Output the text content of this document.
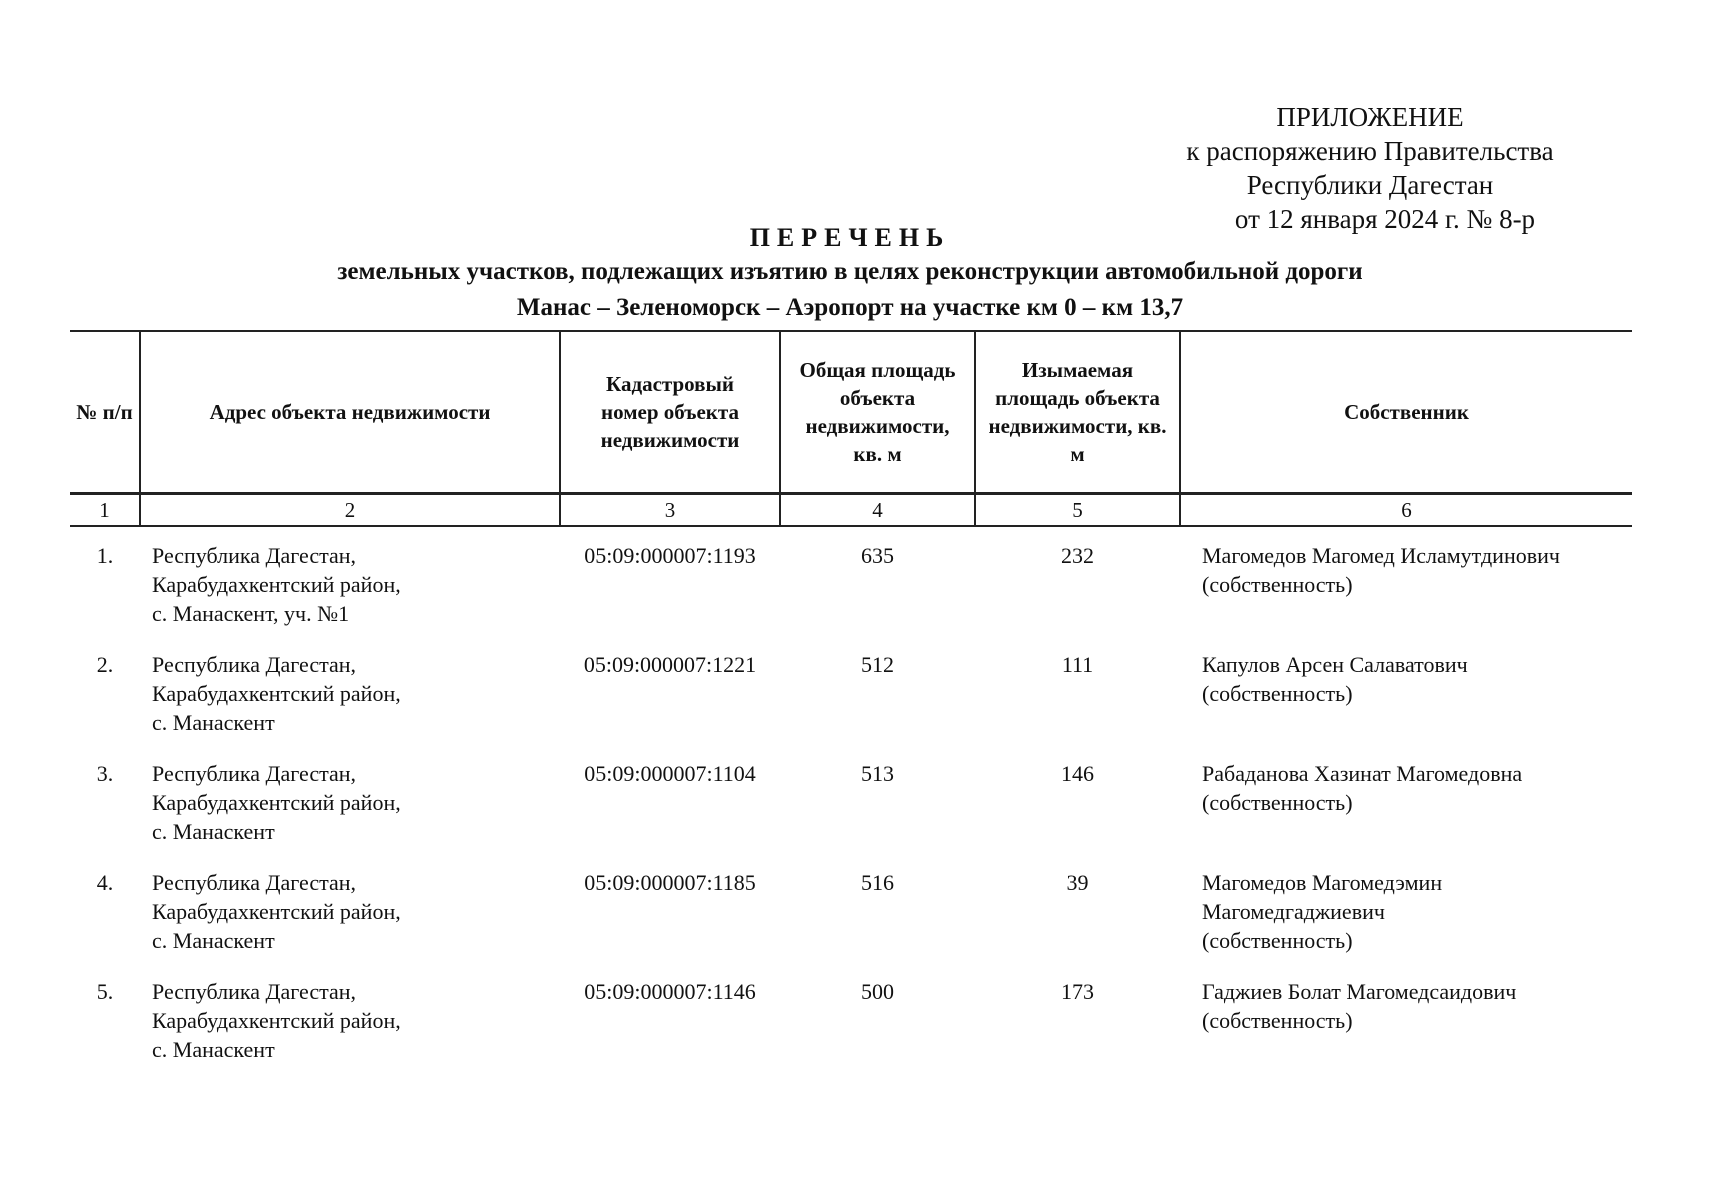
ПРИЛОЖЕНИЕ
к распоряжению Правительства
Республики Дагестан
от 12 января 2024 г. № 8-р
ПЕРЕЧЕНЬ
земельных участков, подлежащих изъятию в целях реконструкции автомобильной дороги
Манас – Зеленоморск – Аэропорт на участке км 0 – км 13,7
№ п/п	Адрес объекта недвижимости	Кадастровый номер объекта недвижимости	Общая площадь объекта недвижимости, кв. м	Изымаемая площадь объекта недвижимости, кв. м	Собственник
1	2	3	4	5	6
1.	Республика Дагестан,
Карабудахкентский район,
с. Манаскент, уч. №1	05:09:000007:1193	635	232	Магомедов Магомед Исламутдинович
(собственность)

2.	Республика Дагестан,
Карабудахкентский район,
с. Манаскент	05:09:000007:1221	512	111	Капулов Арсен Салаватович
(собственность)

3.	Республика Дагестан,
Карабудахкентский район,
с. Манаскент	05:09:000007:1104	513	146	Рабаданова Хазинат Магомедовна
(собственность)

4.	Республика Дагестан,
Карабудахкентский район,
с. Манаскент	05:09:000007:1185	516	39	Магомедов Магомедэмин
Магомедгаджиевич
(собственность)

5.	Республика Дагестан,
Карабудахкентский район,
с. Манаскент	05:09:000007:1146	500	173	Гаджиев Болат Магомедсаидович
(собственность)
